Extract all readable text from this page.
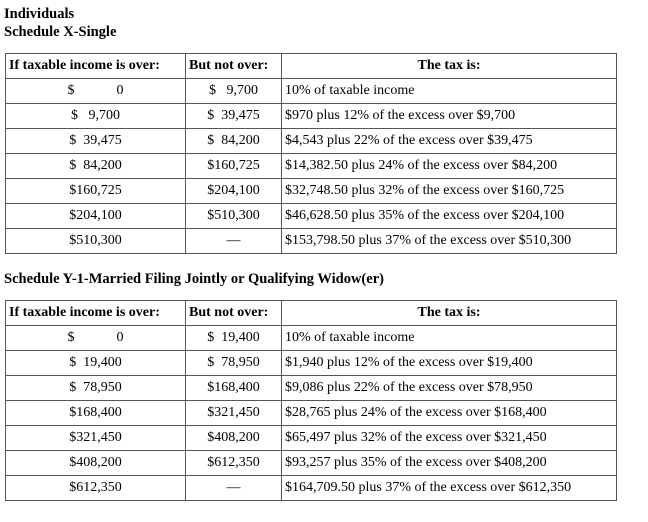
Individuals
Schedule X-Single
If taxable income is over:	But not over:	The tax is:
$            0	$   9,700	10% of taxable income
$   9,700	$  39,475	$970 plus 12% of the excess over $9,700
$  39,475	$  84,200	$4,543 plus 22% of the excess over $39,475
$  84,200	$160,725	$14,382.50 plus 24% of the excess over $84,200
$160,725	$204,100	$32,748.50 plus 32% of the excess over $160,725
$204,100	$510,300	$46,628.50 plus 35% of the excess over $204,100
$510,300	—	$153,798.50 plus 37% of the excess over $510,300
Schedule Y-1-Married Filing Jointly or Qualifying Widow(er)
If taxable income is over:	But not over:	The tax is:
$            0	$  19,400	10% of taxable income
$  19,400	$  78,950	$1,940 plus 12% of the excess over $19,400
$  78,950	$168,400	$9,086 plus 22% of the excess over $78,950
$168,400	$321,450	$28,765 plus 24% of the excess over $168,400
$321,450	$408,200	$65,497 plus 32% of the excess over $321,450
$408,200	$612,350	$93,257 plus 35% of the excess over $408,200
$612,350	—	$164,709.50 plus 37% of the excess over $612,350
